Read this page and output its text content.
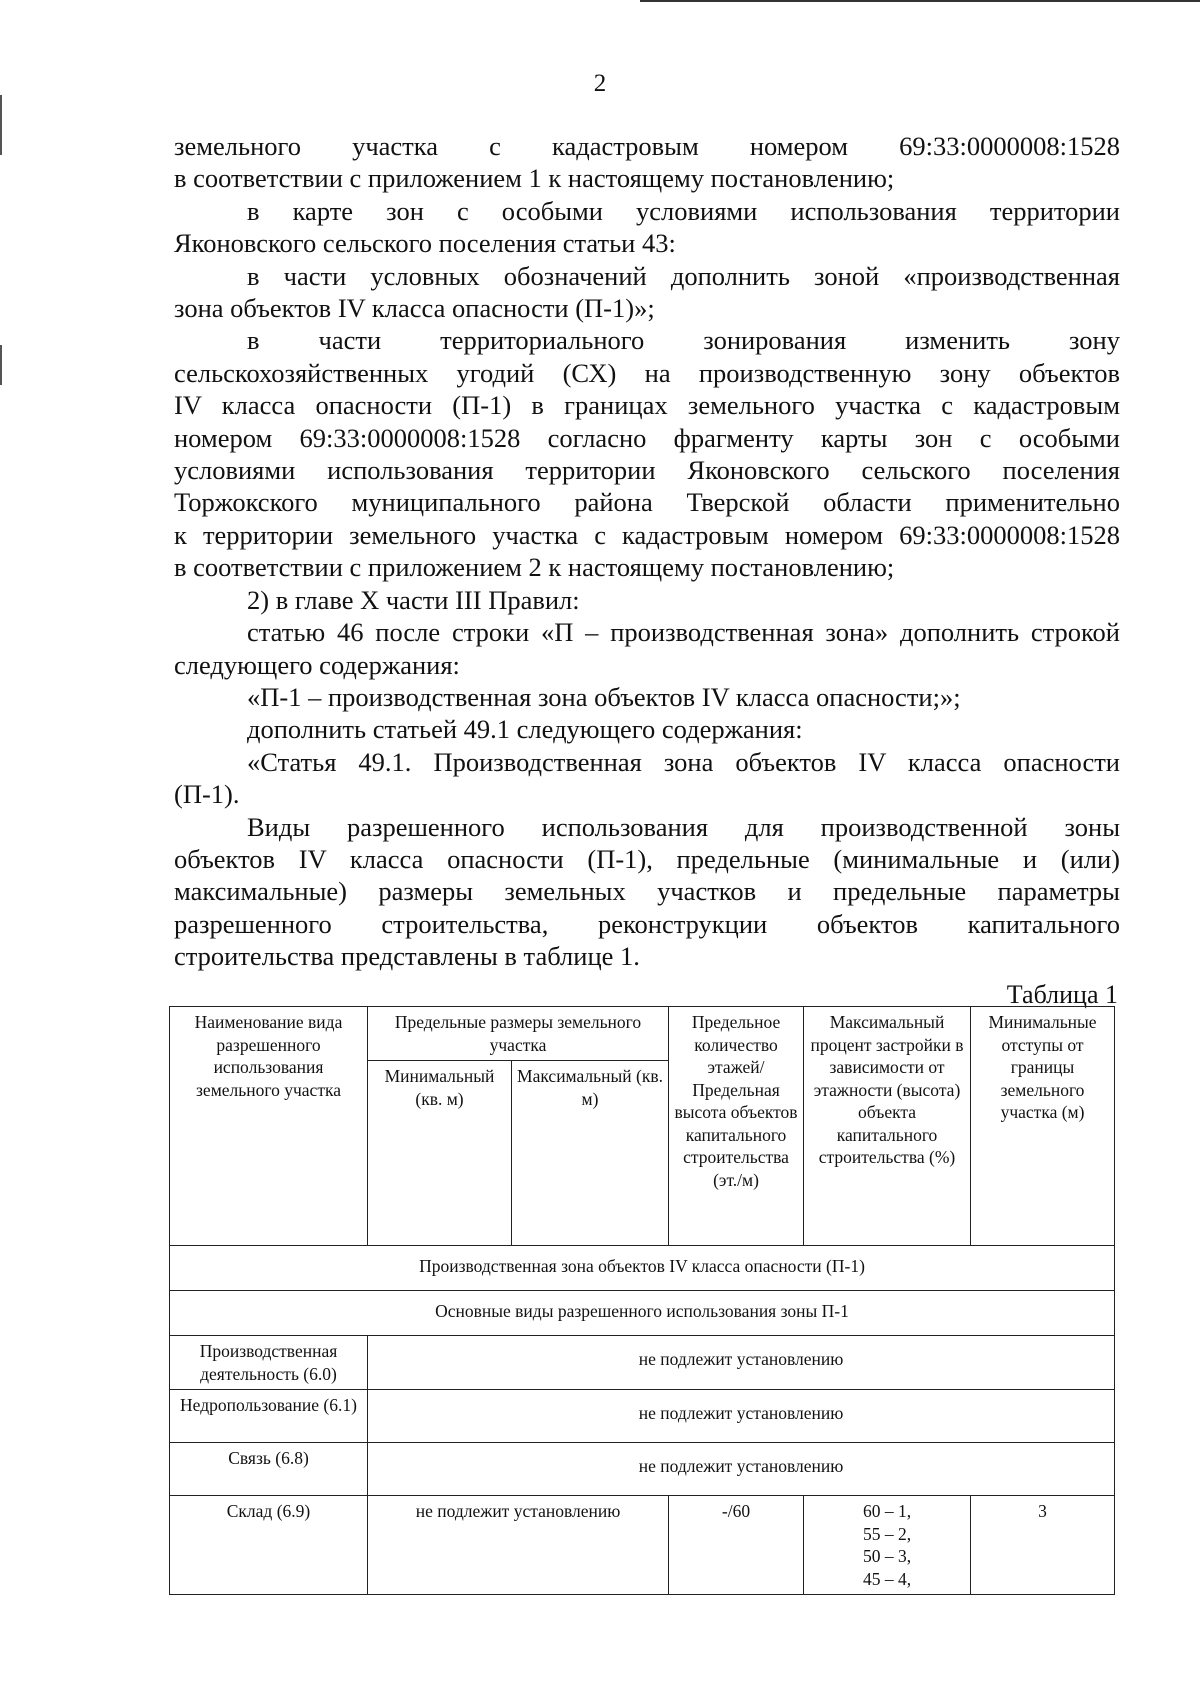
2

земельного участка с кадастровым номером 69:33:0000008:1528

в соответствии с приложением 1 к настоящему постановлению;

в карте зон с особыми условиями использования территории

Яконовского сельского поселения статьи 43:

в части условных обозначений дополнить зоной «производственная

зона объектов IV класса опасности (П-1)»;

в части территориального зонирования изменить зону

сельскохозяйственных угодий (СХ) на производственную зону объектов

IV класса опасности (П-1) в границах земельного участка с кадастровым

номером 69:33:0000008:1528 согласно фрагменту карты зон с особыми

условиями использования территории Яконовского сельского поселения

Торжокского муниципального района Тверской области применительно

к территории земельного участка с кадастровым номером 69:33:0000008:1528

в соответствии с приложением 2 к настоящему постановлению;

2) в главе X части III Правил:

статью 46 после строки «П – производственная зона» дополнить строкой

следующего содержания:

«П-1 – производственная зона объектов IV класса опасности;»;

дополнить статьей 49.1 следующего содержания:

«Статья 49.1. Производственная зона объектов IV класса опасности

(П-1).

Виды разрешенного использования для производственной зоны

объектов IV класса опасности (П-1), предельные (минимальные и (или)

максимальные) размеры земельных участков и предельные параметры

разрешенного строительства, реконструкции объектов капитального

строительства представлены в таблице 1.

Таблица 1
Наименование вида разрешенного использования земельного участка	Предельные размеры земельного участка		Предельное количество этажей/ Предельная высота объектов капитального строительства (эт./м)	Максимальный процент застройки в зависимости от этажности (высота) объекта капитального строительства (%)	Минимальные отступы от границы земельного участка (м)
	Минимальный (кв. м)	Максимальный (кв. м)			
Производственная зона объектов IV класса опасности (П-1)					
Основные виды разрешенного использования зоны П-1					
Производственная деятельность (6.0)	не подлежит установлению				
Недропользование (6.1)	не подлежит установлению				
Связь (6.8)	не подлежит установлению				
Склад (6.9)	не подлежит установлению		-/60	60 – 1,
55 – 2,
50 – 3,
45 – 4,	3
